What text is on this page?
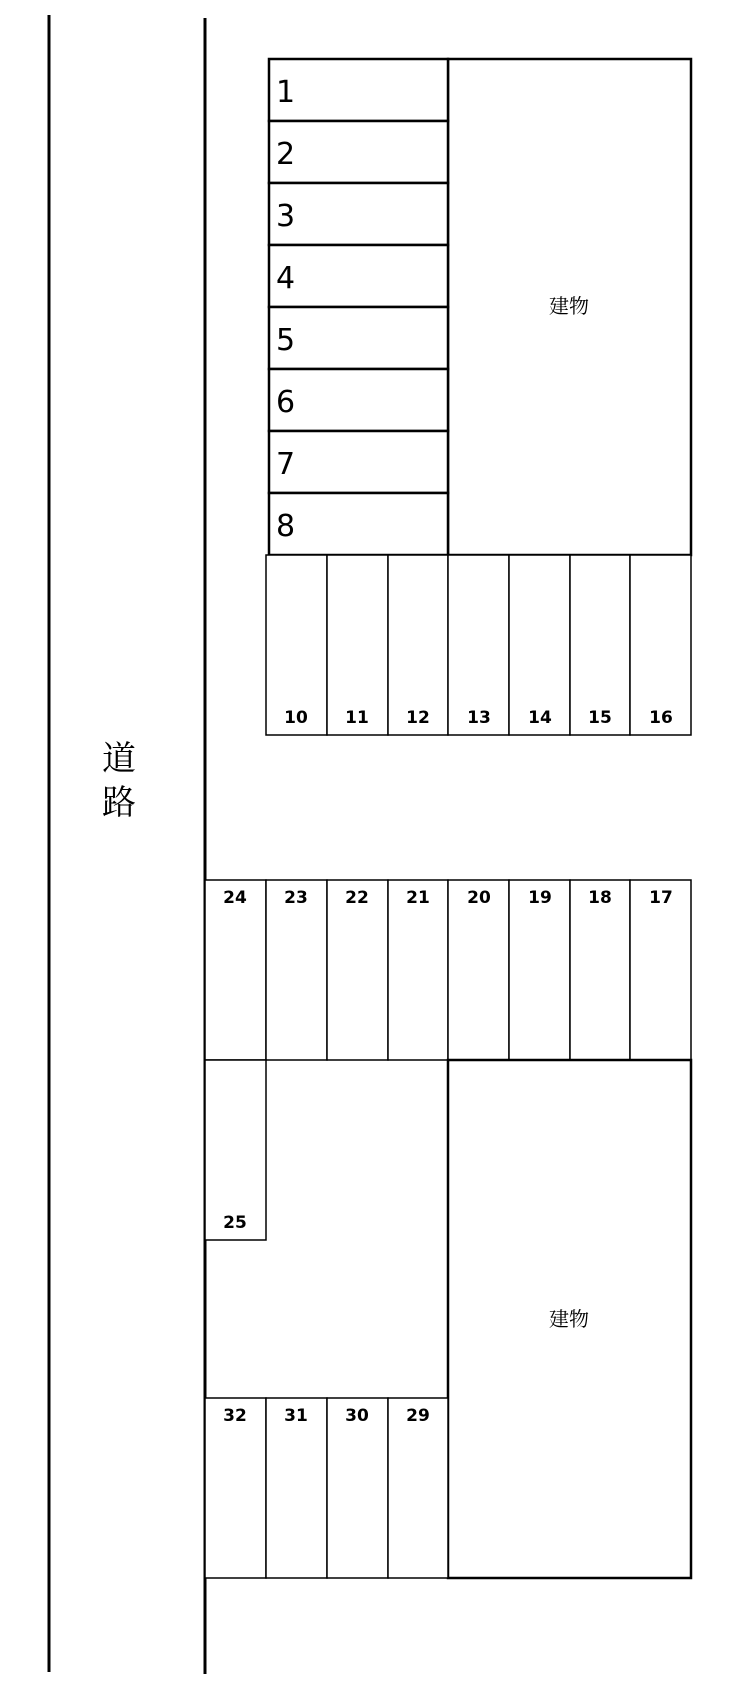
道
路
建物
1
2
3
4
5
6
7
8
10 11 12 13 14 15 16
24 23 22 21 20 19 18 17
建物
25
32 31 30 29
